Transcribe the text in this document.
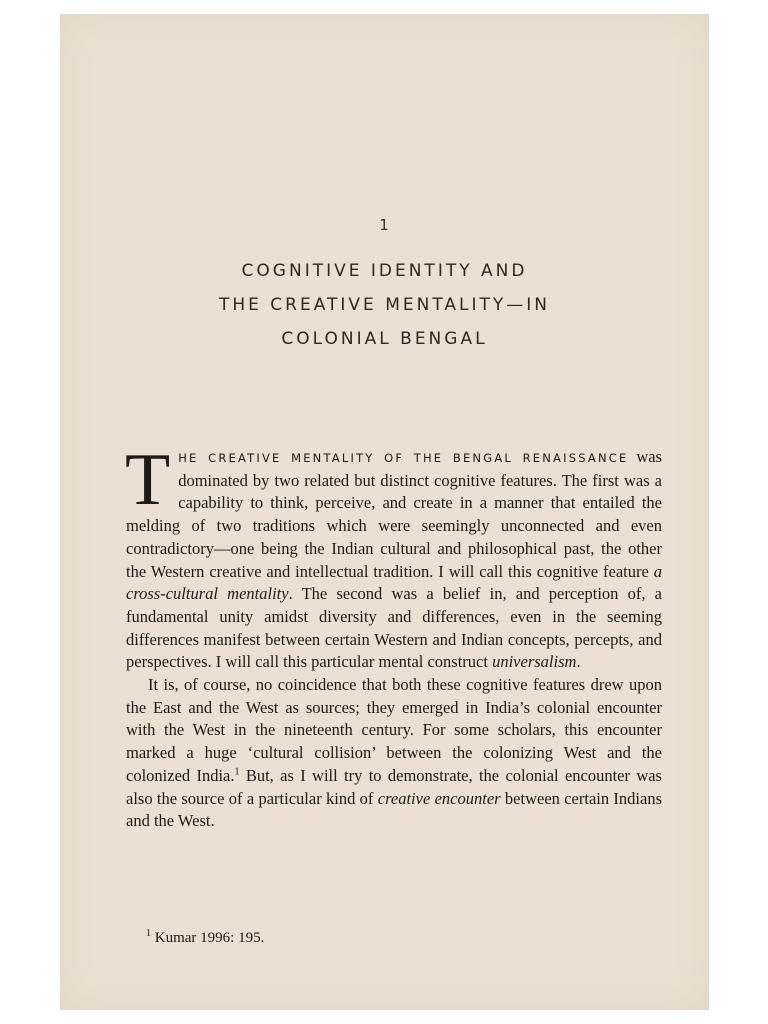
1
COGNITIVE IDENTITY AND
THE CREATIVE MENTALITY—IN
COLONIAL BENGAL

THE CREATIVE MENTALITY OF THE BENGAL RENAISSANCE was dominated by two related but distinct cognitive features. The first was a capability to think, perceive, and create in a manner that entailed the melding of two traditions which were seemingly unconnected and even contradictory—one being the Indian cultural and philosophical past, the other the Western creative and intellectual tradition. I will call this cognitive feature a cross-cultural mentality. The second was a belief in, and perception of, a fundamental unity amidst diversity and differences, even in the seeming differences manifest between certain Western and Indian concepts, percepts, and perspectives. I will call this particular mental construct universalism.

It is, of course, no coincidence that both these cognitive features drew upon the East and the West as sources; they emerged in India’s colonial encounter with the West in the nineteenth century. For some scholars, this encounter marked a huge ‘cultural collision’ between the colonizing West and the colonized India.$^1$ But, as I will try to demonstrate, the colonial encounter was also the source of a particular kind of creative encounter between certain Indians and the West.

$^1$ Kumar 1996: 195.
